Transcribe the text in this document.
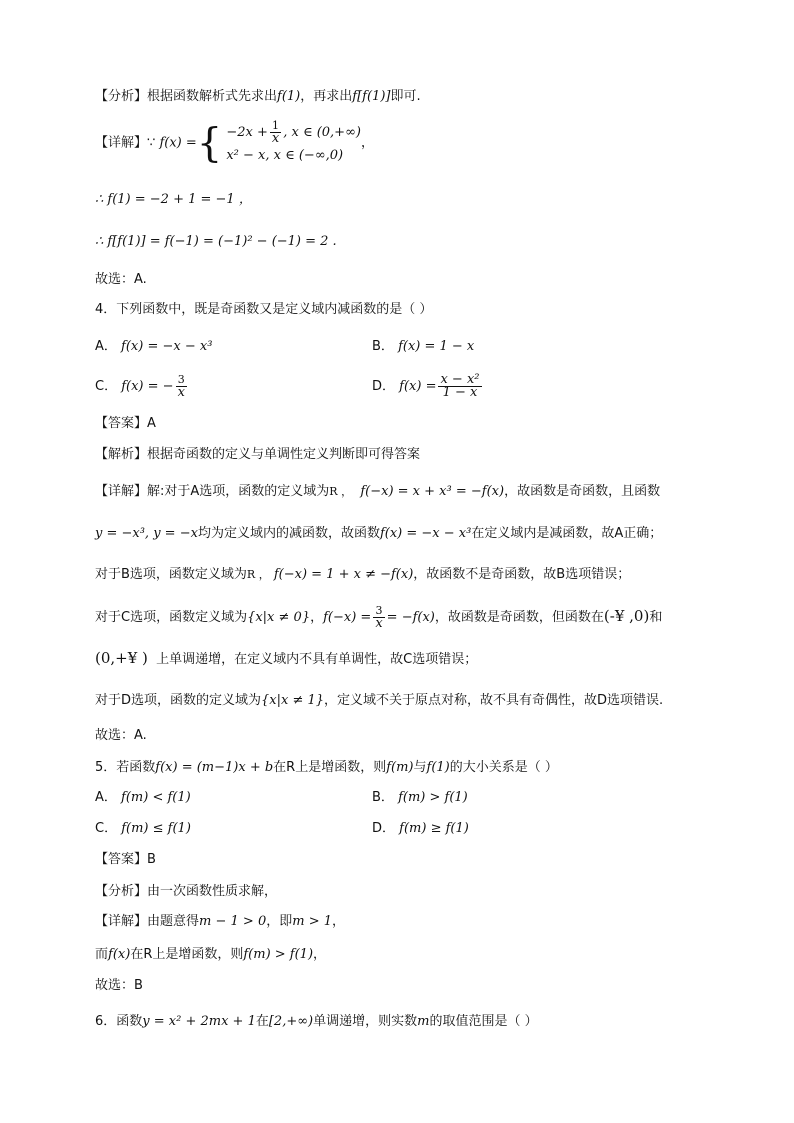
【分析】根据函数解析式先求出f(1)，再求出f[f(1)]即可.
【详解】∵ f(x) ={ $-2x + \frac{1}{x}$ , x ∈ (0,+∞)
x² − x, x ∈ (−∞,0)
，
∴ f(1) = −2 + 1 = −1 ，
∴ f[f(1)] = f(−1) = (−1)² − (−1) = 2 .
故选：A.
4．下列函数中，既是奇函数又是定义域内减函数的是（ ）
A． f(x) = −x − x³	B． f(x) = 1 − x
C． f(x) = − $\frac{3}{x}$	D． $f(x) = \frac{\text{x − x²}}{1 - x}$
【答案】A
【解析】根据奇函数的定义与单调性定义判断即可得答案
【详解】解:对于A选项，函数的定义域为R ， f(−x) = x + x³ = −f(x)，故函数是奇函数，且函数
y = −x³, y = −x均为定义域内的减函数，故函数f(x) = −x − x³在定义域内是减函数，故A正确；
对于B选项，函数定义域为R ， f(−x) = 1 + x ≠ −f(x)，故函数不是奇函数，故B选项错误；
对于C选项，函数定义域为{x|x ≠ 0}，$f(-x) = \frac{3}{x} = -f(x)$，故函数是奇函数，但函数在(-¥ ,0)和
(0,+¥ ) 上单调递增，在定义域内不具有单调性，故C选项错误；
对于D选项，函数的定义域为{x|x ≠ 1}，定义域不关于原点对称，故不具有奇偶性，故D选项错误.
故选：A.
5．若函数f(x) = (m−1)x + b在R上是增函数，则f(m)与f(1)的大小关系是（ ）
A． f(m) < f(1)	B． f(m) > f(1)
C． f(m) ≤ f(1)	D． f(m) ≥ f(1)
【答案】B
【分析】由一次函数性质求解，
【详解】由题意得m − 1 > 0，即m > 1，
而f(x)在R上是增函数，则f(m) > f(1)，
故选：B
6．函数y = x² + 2mx + 1在[2,+∞)单调递增，则实数m的取值范围是（ ）
